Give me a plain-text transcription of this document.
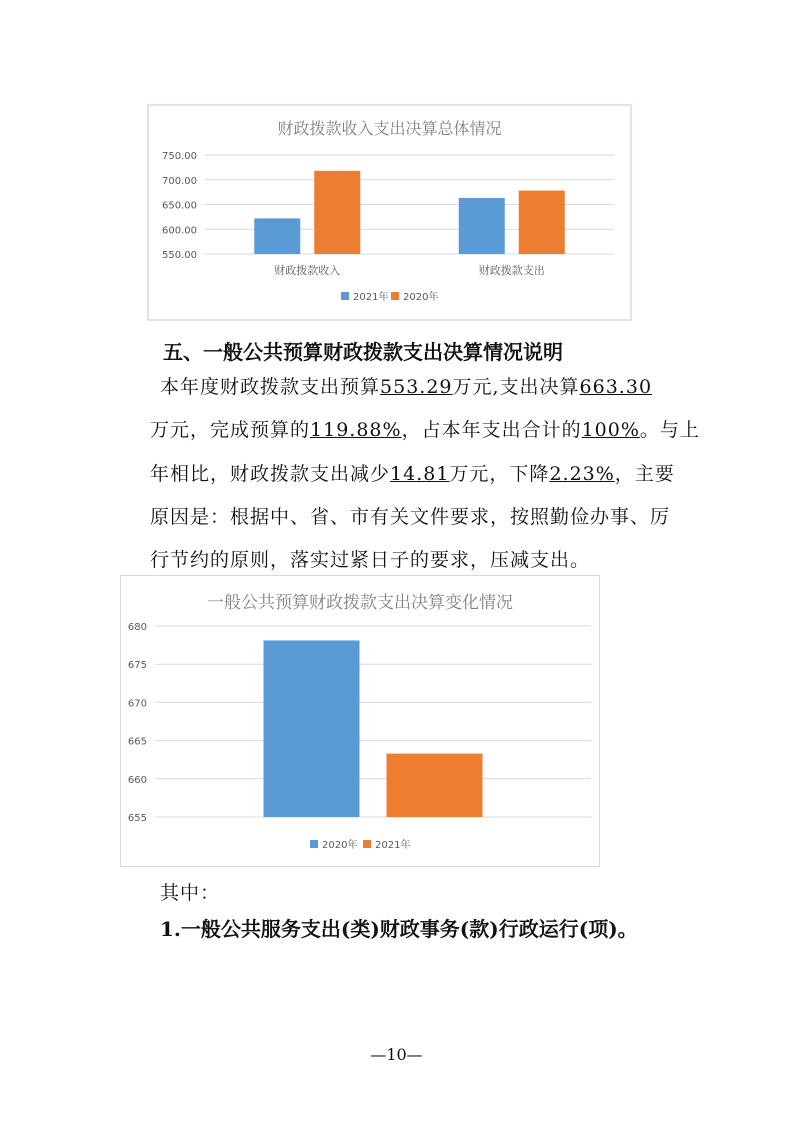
财政拨款收入支出决算总体情况
550.00
600.00
650.00
700.00
750.00
财政拨款收入	财政拨款支出
2021年 2020年
五、一般公共预算财政拨款支出决算情况说明
本年度财政拨款支出预算553.29万元,支出决算663.30
万元，完成预算的119.88%，占本年支出合计的100%。与上
年相比，财政拨款支出减少14.81万元，下降2.23%，主要
原因是：根据中、省、市有关文件要求，按照勤俭办事、厉
行节约的原则，落实过紧日子的要求，压减支出。
一般公共预算财政拨款支出决算变化情况
655
660
665
670
675
680
2020年 2021年
其中：
1.一般公共服务支出(类)财政事务(款)行政运行(项)。
—10—
